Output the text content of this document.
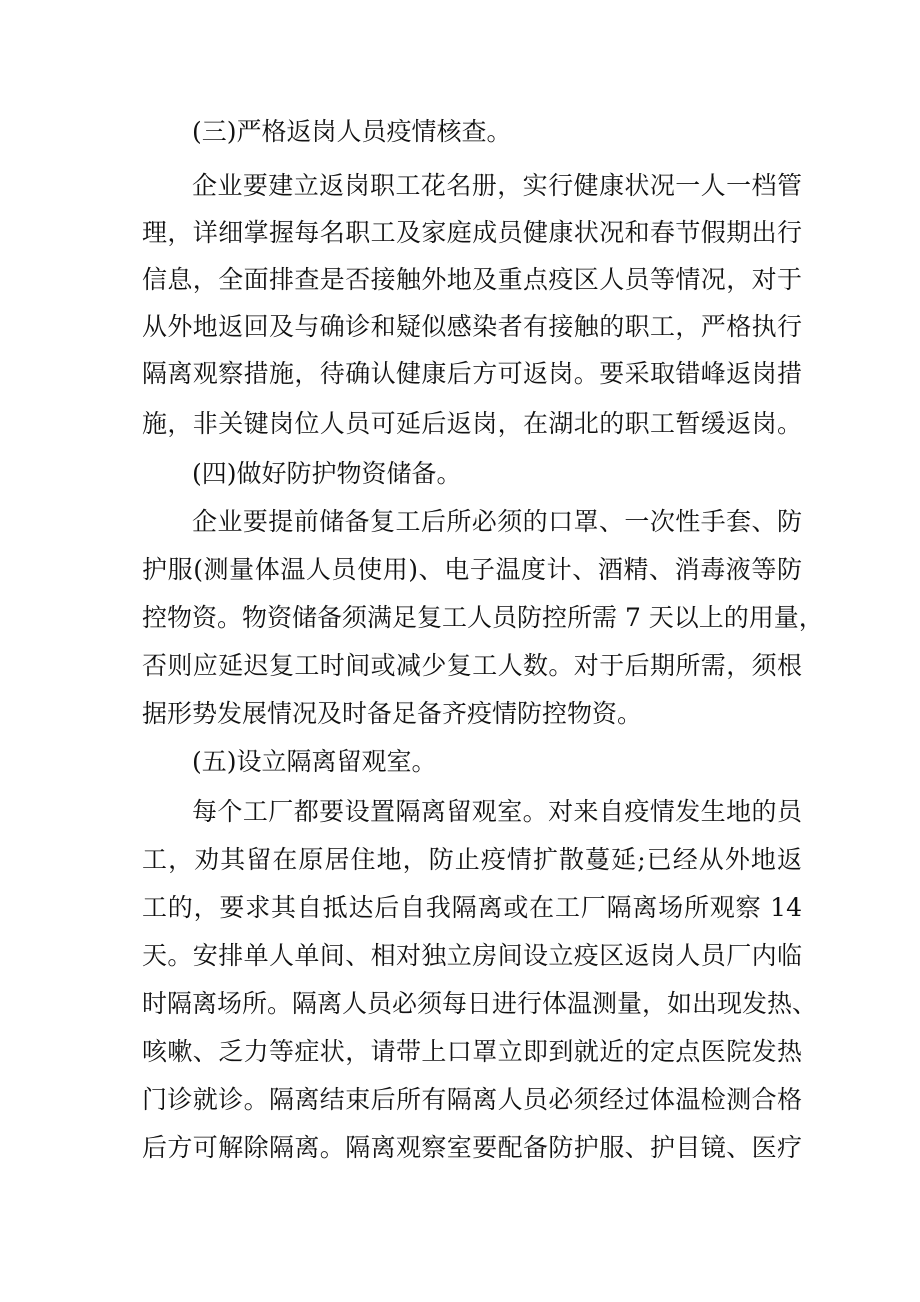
(三)严格返岗人员疫情核查。
企业要建立返岗职工花名册，实行健康状况一人一档管
理，详细掌握每名职工及家庭成员健康状况和春节假期出行
信息，全面排查是否接触外地及重点疫区人员等情况，对于
从外地返回及与确诊和疑似感染者有接触的职工，严格执行
隔离观察措施，待确认健康后方可返岗。要采取错峰返岗措
施，非关键岗位人员可延后返岗，在湖北的职工暂缓返岗。
(四)做好防护物资储备。
企业要提前储备复工后所必须的口罩、一次性手套、防
护服(测量体温人员使用)、电子温度计、酒精、消毒液等防
控物资。物资储备须满足复工人员防控所需 7 天以上的用量，
否则应延迟复工时间或减少复工人数。对于后期所需，须根
据形势发展情况及时备足备齐疫情防控物资。
(五)设立隔离留观室。
每个工厂都要设置隔离留观室。对来自疫情发生地的员
工，劝其留在原居住地，防止疫情扩散蔓延;已经从外地返
工的，要求其自抵达后自我隔离或在工厂隔离场所观察 14
天。安排单人单间、相对独立房间设立疫区返岗人员厂内临
时隔离场所。隔离人员必须每日进行体温测量，如出现发热、
咳嗽、乏力等症状，请带上口罩立即到就近的定点医院发热
门诊就诊。隔离结束后所有隔离人员必须经过体温检测合格
后方可解除隔离。隔离观察室要配备防护服、护目镜、医疗
